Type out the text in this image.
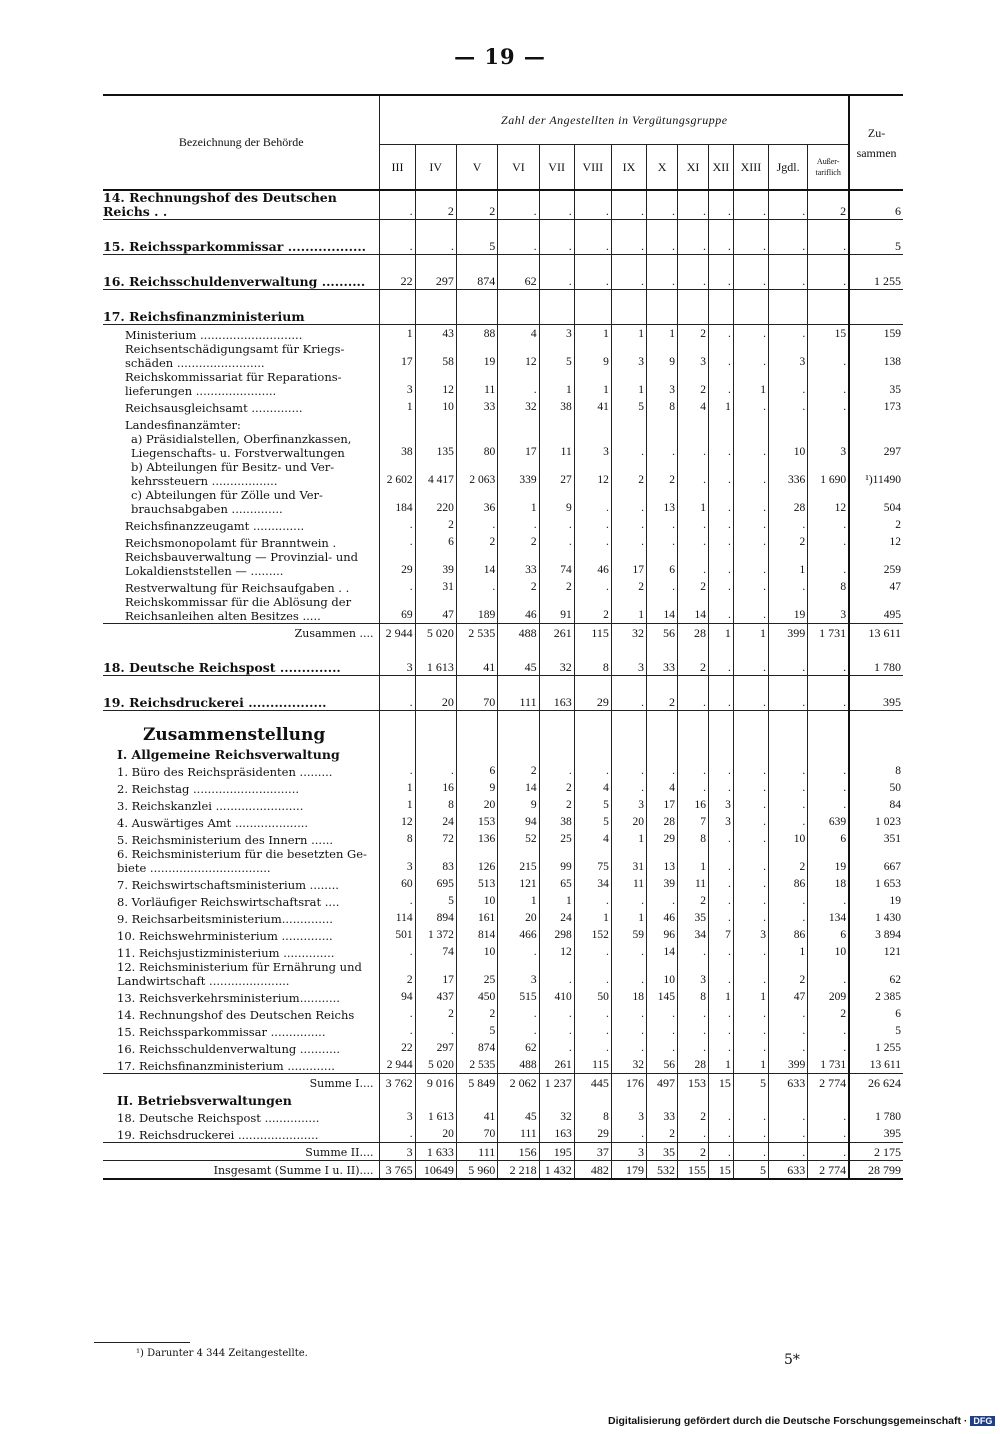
— 19 —
Bezeichnung der Behörde	Zahl der Angestellten in Vergütungsgruppe													Zu-sammen
	III	IV	V	VI	VII	VIII	IX	X	XI	XII	XIII	Jgdl.	Außer-tariflich	
14. Rechnungshof des Deutschen Reichs . .	.	2	2	.	.	.	.	.	.	.	.	.	2	6

15. Reichssparkommissar ..................	.	.	5	.	.	.	.	.	.	.	.	.	.	5

16. Reichsschuldenverwaltung ..........	22	297	874	62	.	.	.	.	.	.	.	.	.	1 255

17. Reichsfinanzministerium														
Ministerium ............................	1	43	88	4	3	1	1	1	2	.	.	.	15	159
Reichsentschädigungsamt für Kriegs-schäden ........................	17	58	19	12	5	9	3	9	3	.	.	3	.	138
Reichskommissariat für Reparations-lieferungen ......................	3	12	11	.	1	1	1	3	2	.	1	.	.	35
Reichsausgleichsamt ..............	1	10	33	32	38	41	5	8	4	1	.	.	.	173
Landesfinanzämter:														
a) Präsidialstellen, Oberfinanzkassen, Liegenschafts- u. Forstverwaltungen	38	135	80	17	11	3	.	.	.	.	.	10	3	297
b) Abteilungen für Besitz- und Ver-kehrssteuern ..................	2 602	4 417	2 063	339	27	12	2	2	.	.	.	336	1 690	¹)11490
c) Abteilungen für Zölle und Ver-brauchsabgaben ..............	184	220	36	1	9	.	.	13	1	.	.	28	12	504
Reichsfinanzzeugamt ..............	.	2	.	.	.	.	.	.	.	.	.	.	.	2
Reichsmonopolamt für Branntwein .	.	6	2	2	.	.	.	.	.	.	.	2	.	12
Reichsbauverwaltung — Provinzial- und Lokaldienststellen — .........	29	39	14	33	74	46	17	6	.	.	.	1	.	259
Restverwaltung für Reichsaufgaben . .	.	31	.	2	2	.	2	.	2	.	.	.	8	47
Reichskommissar für die Ablösung der Reichsanleihen alten Besitzes .....	69	47	189	46	91	2	1	14	14	.	.	19	3	495
Zusammen ....	2 944	5 020	2 535	488	261	115	32	56	28	1	1	399	1 731	13 611

18. Deutsche Reichspost ..............	3	1 613	41	45	32	8	3	33	2	.	.	.	.	1 780

19. Reichsdruckerei ..................	.	20	70	111	163	29	.	2	.	.	.	.	.	395

Zusammenstellung														
I. Allgemeine Reichsverwaltung														
1. Büro des Reichspräsidenten .........	.	.	6	2	.	.	.	.	.	.	.	.	.	8
2. Reichstag .............................	1	16	9	14	2	4	.	4	.	.	.	.	.	50
3. Reichskanzlei ........................	1	8	20	9	2	5	3	17	16	3	.	.	.	84
4. Auswärtiges Amt ....................	12	24	153	94	38	5	20	28	7	3	.	.	639	1 023
5. Reichsministerium des Innern ......	8	72	136	52	25	4	1	29	8	.	.	10	6	351
6. Reichsministerium für die besetzten Ge-biete .................................	3	83	126	215	99	75	31	13	1	.	.	2	19	667
7. Reichswirtschaftsministerium ........	60	695	513	121	65	34	11	39	11	.	.	86	18	1 653
8. Vorläufiger Reichswirtschaftsrat ....	.	5	10	1	1	.	.	.	2	.	.	.	.	19
9. Reichsarbeitsministerium..............	114	894	161	20	24	1	1	46	35	.	.	.	134	1 430
10. Reichswehrministerium ..............	501	1 372	814	466	298	152	59	96	34	7	3	86	6	3 894
11. Reichsjustizministerium ..............	.	74	10	.	12	.	.	14	.	.	.	1	10	121
12. Reichsministerium für Ernährung und Landwirtschaft ......................	2	17	25	3	.	.	.	10	3	.	.	2	.	62
13. Reichsverkehrsministerium...........	94	437	450	515	410	50	18	145	8	1	1	47	209	2 385
14. Rechnungshof des Deutschen Reichs	.	2	2	.	.	.	.	.	.	.	.	.	2	6
15. Reichssparkommissar ...............	.	.	5	.	.	.	.	.	.	.	.	.	.	5
16. Reichsschuldenverwaltung ...........	22	297	874	62	.	.	.	.	.	.	.	.	.	1 255
17. Reichsfinanzministerium .............	2 944	5 020	2 535	488	261	115	32	56	28	1	1	399	1 731	13 611
Summe I....	3 762	9 016	5 849	2 062	1 237	445	176	497	153	15	5	633	2 774	26 624
II. Betriebsverwaltungen														
18. Deutsche Reichspost ...............	3	1 613	41	45	32	8	3	33	2	.	.	.	.	1 780
19. Reichsdruckerei ......................	.	20	70	111	163	29	.	2	.	.	.	.	.	395
Summe II....	3	1 633	111	156	195	37	3	35	2	.	.	.	.	2 175
Insgesamt (Summe I u. II)....	3 765	10649	5 960	2 218	1 432	482	179	532	155	15	5	633	2 774	28 799
¹) Darunter 4 344 Zeitangestellte.	5*
Digitalisierung gefördert durch die Deutsche Forschungsgemeinschaft · DFG
